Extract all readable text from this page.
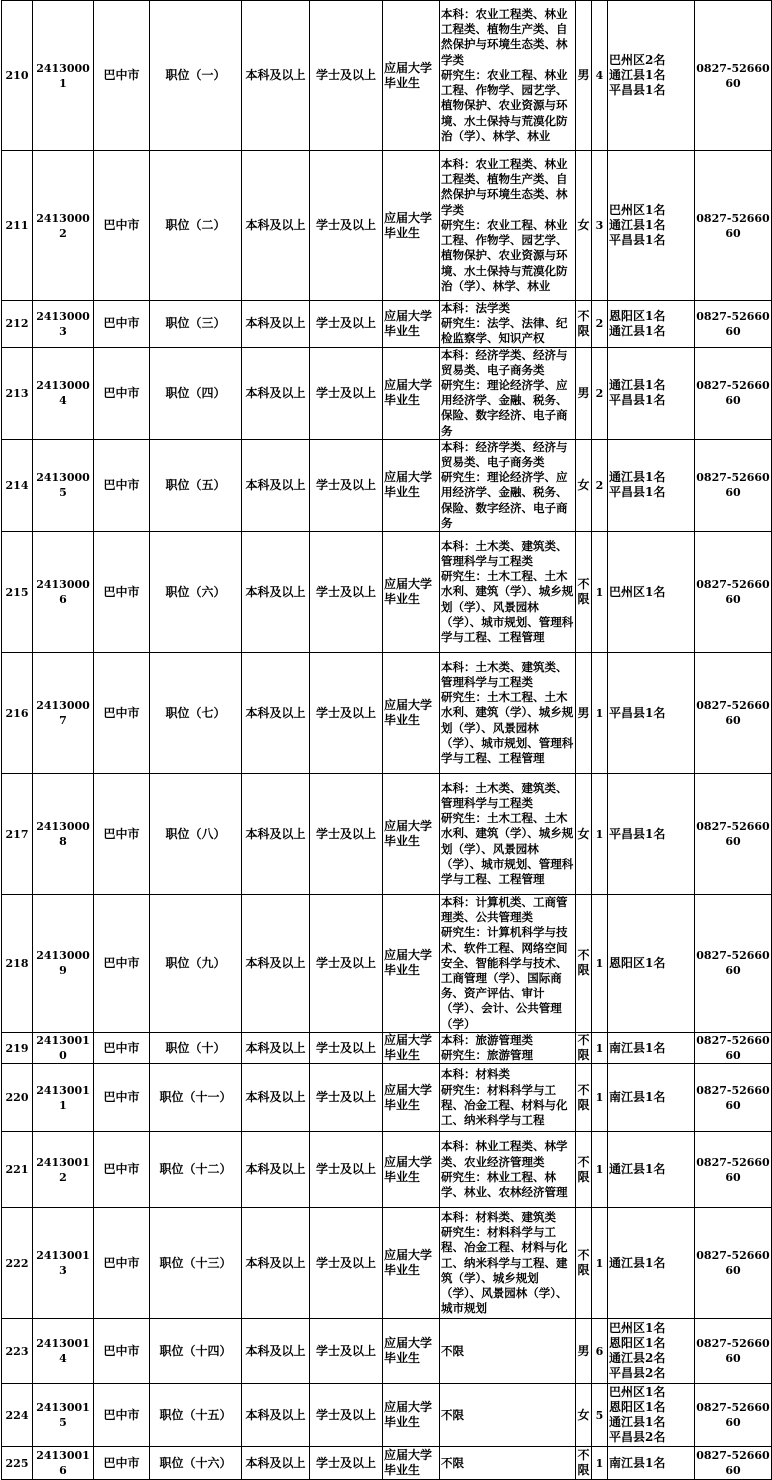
210	24130001	巴中市	职位（一）	本科及以上	学士及以上	应届大学毕业生	本科：农业工程类、林业工程类、植物生产类、自然保护与环境生态类、林学类
研究生：农业工程、林业工程、作物学、园艺学、植物保护、农业资源与环境、水土保持与荒漠化防治（学）、林学、林业	男	4	巴州区2名
通江县1名
平昌县1名	0827-5266060
211	24130002	巴中市	职位（二）	本科及以上	学士及以上	应届大学毕业生	本科：农业工程类、林业工程类、植物生产类、自然保护与环境生态类、林学类
研究生：农业工程、林业工程、作物学、园艺学、植物保护、农业资源与环境、水土保持与荒漠化防治（学）、林学、林业	女	3	巴州区1名
通江县1名
平昌县1名	0827-5266060
212	24130003	巴中市	职位（三）	本科及以上	学士及以上	应届大学毕业生	本科：法学类
研究生：法学、法律、纪检监察学、知识产权	不限	2	恩阳区1名
通江县1名	0827-5266060
213	24130004	巴中市	职位（四）	本科及以上	学士及以上	应届大学毕业生	本科：经济学类、经济与贸易类、电子商务类
研究生：理论经济学、应用经济学、金融、税务、保险、数字经济、电子商务	男	2	通江县1名
平昌县1名	0827-5266060
214	24130005	巴中市	职位（五）	本科及以上	学士及以上	应届大学毕业生	本科：经济学类、经济与贸易类、电子商务类
研究生：理论经济学、应用经济学、金融、税务、保险、数字经济、电子商务	女	2	通江县1名
平昌县1名	0827-5266060
215	24130006	巴中市	职位（六）	本科及以上	学士及以上	应届大学毕业生	本科：土木类、建筑类、管理科学与工程类
研究生：土木工程、土木水利、建筑（学）、城乡规划（学）、风景园林（学）、城市规划、管理科学与工程、工程管理	不限	1	巴州区1名	0827-5266060
216	24130007	巴中市	职位（七）	本科及以上	学士及以上	应届大学毕业生	本科：土木类、建筑类、管理科学与工程类
研究生：土木工程、土木水利、建筑（学）、城乡规划（学）、风景园林（学）、城市规划、管理科学与工程、工程管理	男	1	平昌县1名	0827-5266060
217	24130008	巴中市	职位（八）	本科及以上	学士及以上	应届大学毕业生	本科：土木类、建筑类、管理科学与工程类
研究生：土木工程、土木水利、建筑（学）、城乡规划（学）、风景园林（学）、城市规划、管理科学与工程、工程管理	女	1	平昌县1名	0827-5266060
218	24130009	巴中市	职位（九）	本科及以上	学士及以上	应届大学毕业生	本科：计算机类、工商管理类、公共管理类
研究生：计算机科学与技术、软件工程、网络空间安全、智能科学与技术、工商管理（学）、国际商务、资产评估、审计（学）、会计、公共管理（学）	不限	1	恩阳区1名	0827-5266060
219	24130010	巴中市	职位（十）	本科及以上	学士及以上	应届大学毕业生	本科：旅游管理类
研究生：旅游管理	不限	1	南江县1名	0827-5266060
220	24130011	巴中市	职位（十一）	本科及以上	学士及以上	应届大学毕业生	本科：材料类
研究生：材料科学与工程、冶金工程、材料与化工、纳米科学与工程	不限	1	南江县1名	0827-5266060
221	24130012	巴中市	职位（十二）	本科及以上	学士及以上	应届大学毕业生	本科：林业工程类、林学类、农业经济管理类
研究生：林业工程、林学、林业、农林经济管理	不限	1	通江县1名	0827-5266060
222	24130013	巴中市	职位（十三）	本科及以上	学士及以上	应届大学毕业生	本科：材料类、建筑类
研究生：材料科学与工程、冶金工程、材料与化工、纳米科学与工程、建筑（学）、城乡规划（学）、风景园林（学）、城市规划	不限	1	通江县1名	0827-5266060
223	24130014	巴中市	职位（十四）	本科及以上	学士及以上	应届大学毕业生	不限	男	6	巴州区1名
恩阳区1名
通江县2名
平昌县2名	0827-5266060
224	24130015	巴中市	职位（十五）	本科及以上	学士及以上	应届大学毕业生	不限	女	5	巴州区1名
恩阳区1名
通江县1名
平昌县2名	0827-5266060
225	24130016	巴中市	职位（十六）	本科及以上	学士及以上	应届大学毕业生	不限	不限	1	南江县1名	0827-5266060
